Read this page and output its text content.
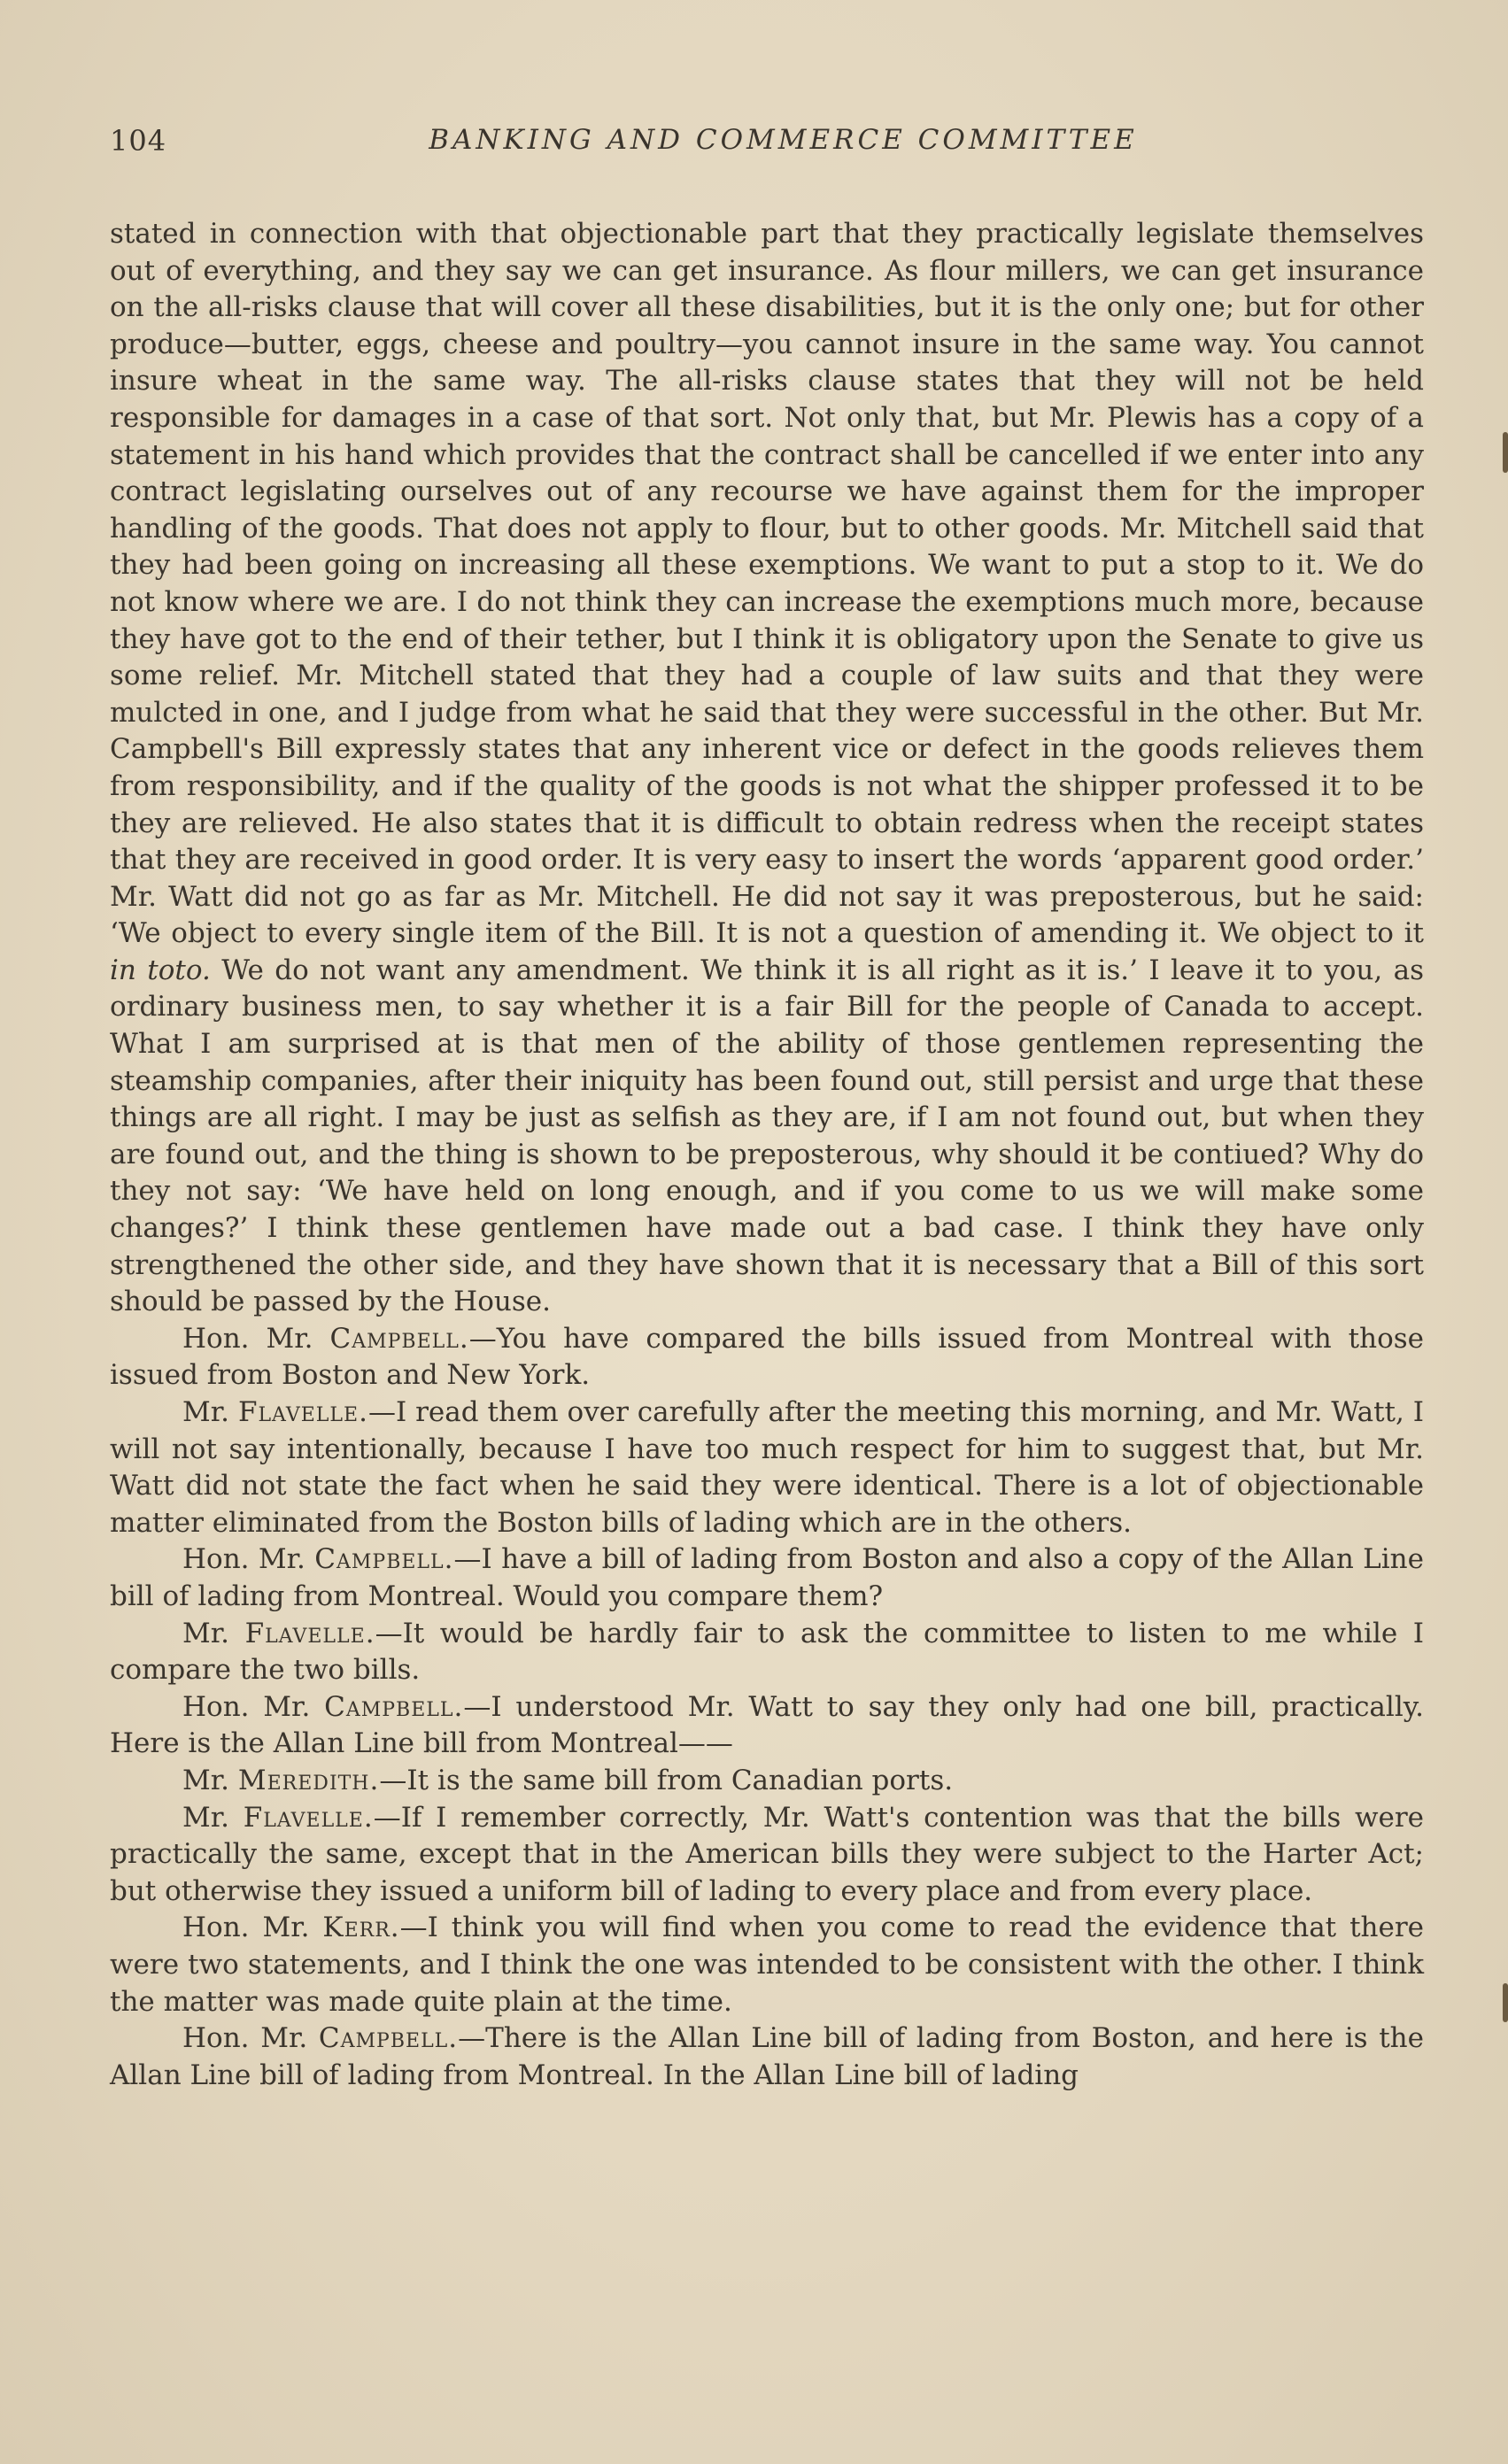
104	BANKING AND COMMERCE COMMITTEE

stated in connection with that objectionable part that they practically legislate themselves out of everything, and they say we can get insurance. As flour millers, we can get insurance on the all-risks clause that will cover all these disabilities, but it is the only one; but for other produce—butter, eggs, cheese and poultry—you cannot insure in the same way. You cannot insure wheat in the same way. The all-risks clause states that they will not be held responsible for damages in a case of that sort. Not only that, but Mr. Plewis has a copy of a statement in his hand which provides that the contract shall be cancelled if we enter into any contract legislating ourselves out of any recourse we have against them for the improper handling of the goods. That does not apply to flour, but to other goods. Mr. Mitchell said that they had been going on increasing all these exemptions. We want to put a stop to it. We do not know where we are. I do not think they can increase the exemptions much more, because they have got to the end of their tether, but I think it is obligatory upon the Senate to give us some relief. Mr. Mitchell stated that they had a couple of law suits and that they were mulcted in one, and I judge from what he said that they were successful in the other. But Mr. Campbell's Bill expressly states that any inherent vice or defect in the goods relieves them from responsibility, and if the quality of the goods is not what the shipper professed it to be they are relieved. He also states that it is difficult to obtain redress when the receipt states that they are received in good order. It is very easy to insert the words ‘apparent good order.’ Mr. Watt did not go as far as Mr. Mitchell. He did not say it was preposterous, but he said: ‘We object to every single item of the Bill. It is not a question of amending it. We object to it in toto. We do not want any amendment. We think it is all right as it is.’ I leave it to you, as ordinary business men, to say whether it is a fair Bill for the people of Canada to accept. What I am surprised at is that men of the ability of those gentlemen representing the steamship companies, after their iniquity has been found out, still persist and urge that these things are all right. I may be just as selfish as they are, if I am not found out, but when they are found out, and the thing is shown to be preposterous, why should it be contiued? Why do they not say: ‘We have held on long enough, and if you come to us we will make some changes?’ I think these gentlemen have made out a bad case. I think they have only strengthened the other side, and they have shown that it is necessary that a Bill of this sort should be passed by the House.

Hon. Mr. Campbell.—You have compared the bills issued from Montreal with those issued from Boston and New York.

Mr. Flavelle.—I read them over carefully after the meeting this morning, and Mr. Watt, I will not say intentionally, because I have too much respect for him to suggest that, but Mr. Watt did not state the fact when he said they were identical. There is a lot of objectionable matter eliminated from the Boston bills of lading which are in the others.

Hon. Mr. Campbell.—I have a bill of lading from Boston and also a copy of the Allan Line bill of lading from Montreal. Would you compare them?

Mr. Flavelle.—It would be hardly fair to ask the committee to listen to me while I compare the two bills.

Hon. Mr. Campbell.—I understood Mr. Watt to say they only had one bill, practically. Here is the Allan Line bill from Montreal——

Mr. Meredith.—It is the same bill from Canadian ports.

Mr. Flavelle.—If I remember correctly, Mr. Watt's contention was that the bills were practically the same, except that in the American bills they were subject to the Harter Act; but otherwise they issued a uniform bill of lading to every place and from every place.

Hon. Mr. Kerr.—I think you will find when you come to read the evidence that there were two statements, and I think the one was intended to be consistent with the other. I think the matter was made quite plain at the time.

Hon. Mr. Campbell.—There is the Allan Line bill of lading from Boston, and here is the Allan Line bill of lading from Montreal. In the Allan Line bill of lading
